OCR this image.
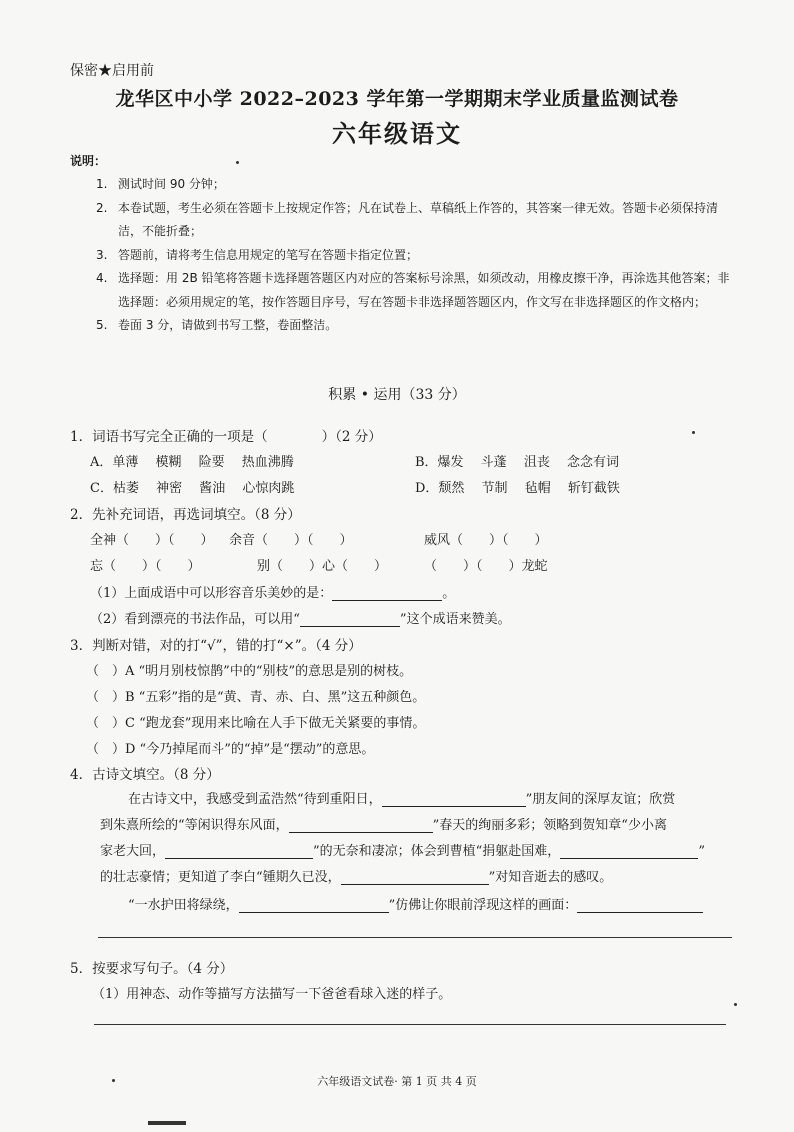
保密★启用前
龙华区中小学 2022–2023 学年第一学期期末学业质量监测试卷
六年级语文
说明：
1. 测试时间 90 分钟；
2. 本卷试题，考生必须在答题卡上按规定作答；凡在试卷上、草稿纸上作答的，其答案一律无效。答题卡必须保持清洁，不能折叠；
3. 答题前，请将考生信息用规定的笔写在答题卡指定位置；
4. 选择题：用 2B 铅笔将答题卡选择题答题区内对应的答案标号涂黑，如须改动，用橡皮擦干净，再涂选其他答案；非选择题：必须用规定的笔，按作答题目序号，写在答题卡非选择题答题区内，作文写在非选择题区的作文格内；
5. 卷面 3 分，请做到书写工整，卷面整洁。
积累 • 运用（33 分）
1．词语书写完全正确的一项是（　　　　）（2 分）
A．单薄　 模糊　 险要　 热血沸腾	B．爆发　 斗蓬　 沮丧　 念念有词
C．枯萎　 神密　 酱油　 心惊肉跳	D．颓然　 节制　 毡帽　 斩钉截铁
2．先补充词语，再选词填空。（8 分）
全神（　　）（　　） 余音（　　）（　　）	威风（　　）（　　）
忘（　　）（　　）	别（　　）心（　　）	（　　）（　　）龙蛇
（1）上面成语中可以形容音乐美妙的是：	。
（2）看到漂亮的书法作品，可以用“	”这个成语来赞美。
3．判断对错，对的打“√”，错的打“×”。（4 分）
（　）A “明月别枝惊鹊”中的“别枝”的意思是别的树枝。
（　）B “五彩”指的是“黄、青、赤、白、黑”这五种颜色。
（　）C “跑龙套”现用来比喻在人手下做无关紧要的事情。
（　）D “今乃掉尾而斗”的“掉”是“摆动”的意思。
4．古诗文填空。（8 分）
在古诗文中，我感受到孟浩然“待到重阳日，	”朋友间的深厚友谊；欣赏
到朱熹所绘的“等闲识得东风面，	”春天的绚丽多彩；领略到贺知章“少小离
家老大回，	”的无奈和凄凉；体会到曹植“捐躯赴国难，	”
的壮志豪情；更知道了李白“锺期久已没，	”对知音逝去的感叹。
“一水护田将绿绕，	”仿佛让你眼前浮现这样的画面：
5．按要求写句子。（4 分）
（1）用神态、动作等描写方法描写一下爸爸看球入迷的样子。
六年级语文试卷· 第 1 页 共 4 页
